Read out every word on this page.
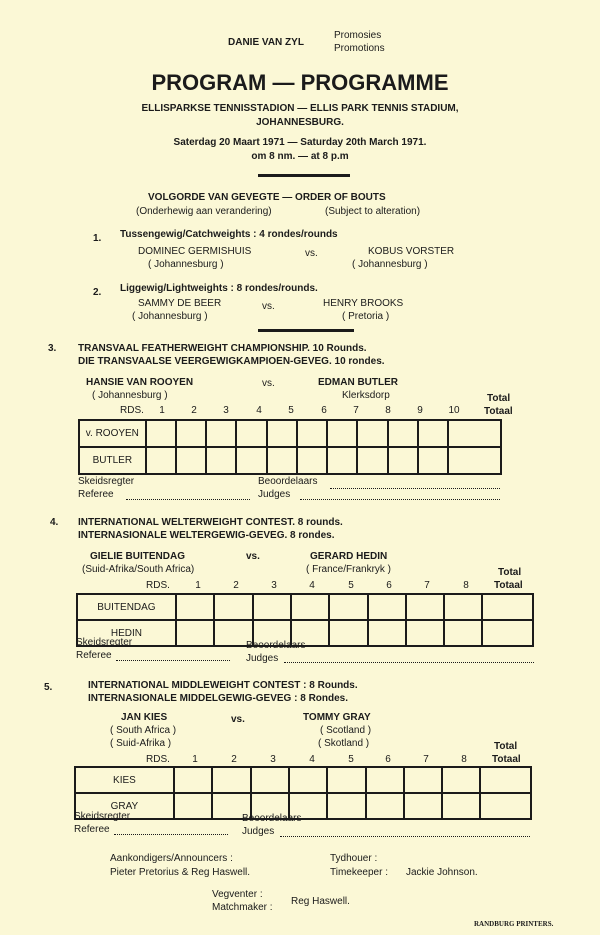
DANIE VAN ZYL
Promosies
Promotions
PROGRAM — PROGRAMME
ELLISPARKSE TENNISSTADION — ELLIS PARK TENNIS STADIUM,
JOHANNESBURG.
Saterdag 20 Maart 1971 — Saturday 20th March 1971.
om 8 nm. — at 8 p.m
VOLGORDE VAN GEVEGTE — ORDER OF BOUTS
(Onderhewig aan verandering)	(Subject to alteration)
1. Tussengewig/Catchweights : 4 rondes/rounds
DOMINEC GERMISHUIS
( Johannesburg )
vs.	KOBUS VORSTER
( Johannesburg )
2. Liggewig/Lightweights : 8 rondes/rounds.
SAMMY DE BEER
( Johannesburg )
vs.	HENRY BROOKS
( Pretoria )
3. TRANSVAAL FEATHERWEIGHT CHAMPIONSHIP. 10 Rounds.
DIE TRANSVAALSE VEERGEWIGKAMPIOEN-GEVEG. 10 rondes.
HANSIE VAN ROOYEN
( Johannesburg )
vs.	EDMAN BUTLER
Klerksdorp	Total
Totaal
RDS.	1	2	3	4	5	6	7	8	9	10
v. ROOYEN											
BUTLER											
Skeidsregter
Referee
Beoordelaars
Judges
4. INTERNATIONAL WELTERWEIGHT CONTEST. 8 rounds.
INTERNASIONALE WELTERGEWIG-GEVEG. 8 rondes.
GIELIE BUITENDAG
(Suid-Afrika/South Africa)
vs.	GERARD HEDIN
( France/Frankryk )	Total
Totaal
RDS.	1	2	3	4	5	6	7	8
BUITENDAG									
HEDIN									
Skeidsregter
Referee
Beoordelaars
Judges
5.	INTERNATIONAL MIDDLEWEIGHT CONTEST : 8 Rounds.
INTERNASIONALE MIDDELGEWIG-GEVEG : 8 Rondes.
JAN KIES
( South Africa )
( Suid-Afrika )
vs.	TOMMY GRAY
( Scotland )
( Skotland )	Total
Totaal
RDS.	1	2	3	4	5	6	7	8
KIES									
GRAY									
Skeidsregter
Referee
Beoordelaars
Judges
Aankondigers/Announcers :
Pieter Pretorius & Reg Haswell.
Tydhouer :
Timekeeper : Jackie Johnson.
Vegventer :
Matchmaker :
Reg Haswell.
RANDBURG PRINTERS.
